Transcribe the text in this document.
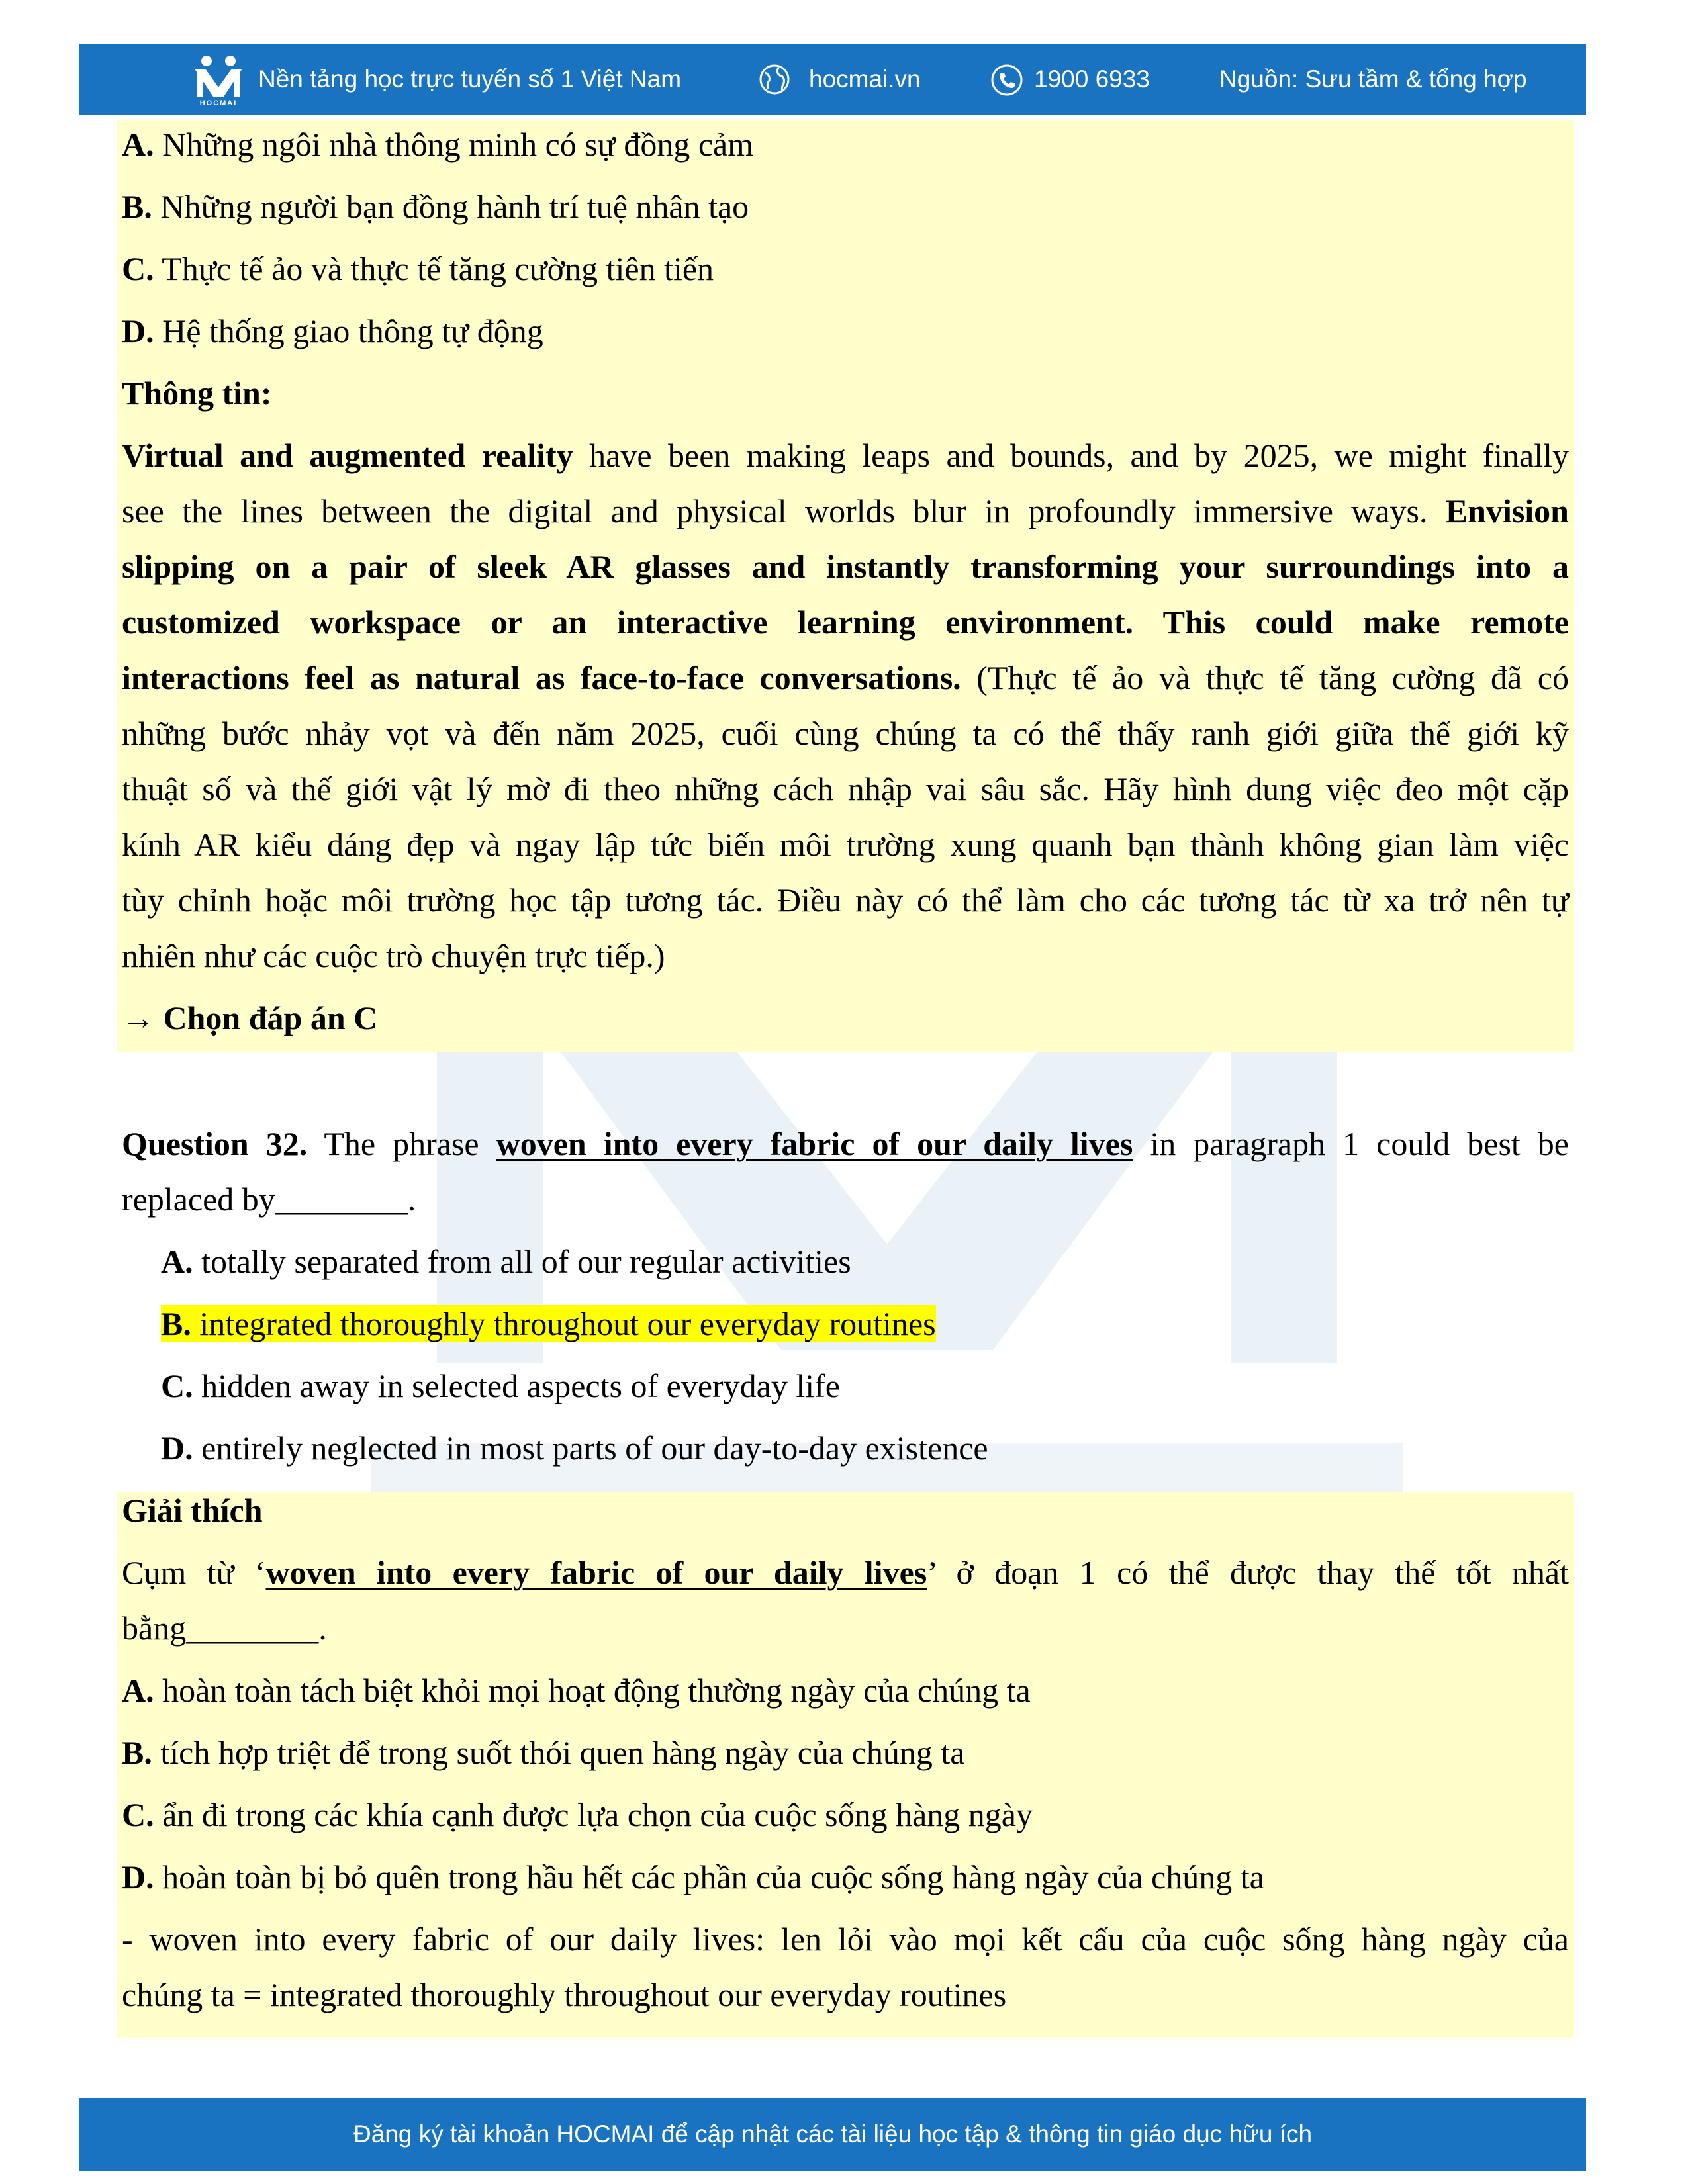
HOCMAI
Nền tảng học trực tuyến số 1 Việt Nam	hocmai.vn	1900 6933	Nguồn: Sưu tầm & tổng hợp
A. Những ngôi nhà thông minh có sự đồng cảm
B. Những người bạn đồng hành trí tuệ nhân tạo
C. Thực tế ảo và thực tế tăng cường tiên tiến
D. Hệ thống giao thông tự động
Thông tin:
Virtual and augmented reality have been making leaps and bounds, and by 2025, we might finally
see the lines between the digital and physical worlds blur in profoundly immersive ways. Envision
slipping on a pair of sleek AR glasses and instantly transforming your surroundings into a
customized workspace or an interactive learning environment. This could make remote
interactions feel as natural as face-to-face conversations. (Thực tế ảo và thực tế tăng cường đã có
những bước nhảy vọt và đến năm 2025, cuối cùng chúng ta có thể thấy ranh giới giữa thế giới kỹ
thuật số và thế giới vật lý mờ đi theo những cách nhập vai sâu sắc. Hãy hình dung việc đeo một cặp
kính AR kiểu dáng đẹp và ngay lập tức biến môi trường xung quanh bạn thành không gian làm việc
tùy chỉnh hoặc môi trường học tập tương tác. Điều này có thể làm cho các tương tác từ xa trở nên tự
nhiên như các cuộc trò chuyện trực tiếp.)
→ Chọn đáp án C
Question 32. The phrase woven into every fabric of our daily lives in paragraph 1 could best be
replaced by________.
A. totally separated from all of our regular activities
B. integrated thoroughly throughout our everyday routines
C. hidden away in selected aspects of everyday life
D. entirely neglected in most parts of our day-to-day existence
Giải thích
Cụm từ ‘woven into every fabric of our daily lives’ ở đoạn 1 có thể được thay thế tốt nhất
bằng________.
A. hoàn toàn tách biệt khỏi mọi hoạt động thường ngày của chúng ta
B. tích hợp triệt để trong suốt thói quen hàng ngày của chúng ta
C. ẩn đi trong các khía cạnh được lựa chọn của cuộc sống hàng ngày
D. hoàn toàn bị bỏ quên trong hầu hết các phần của cuộc sống hàng ngày của chúng ta
- woven into every fabric of our daily lives: len lỏi vào mọi kết cấu của cuộc sống hàng ngày của
chúng ta = integrated thoroughly throughout our everyday routines
Đăng ký tài khoản HOCMAI để cập nhật các tài liệu học tập & thông tin giáo dục hữu ích
